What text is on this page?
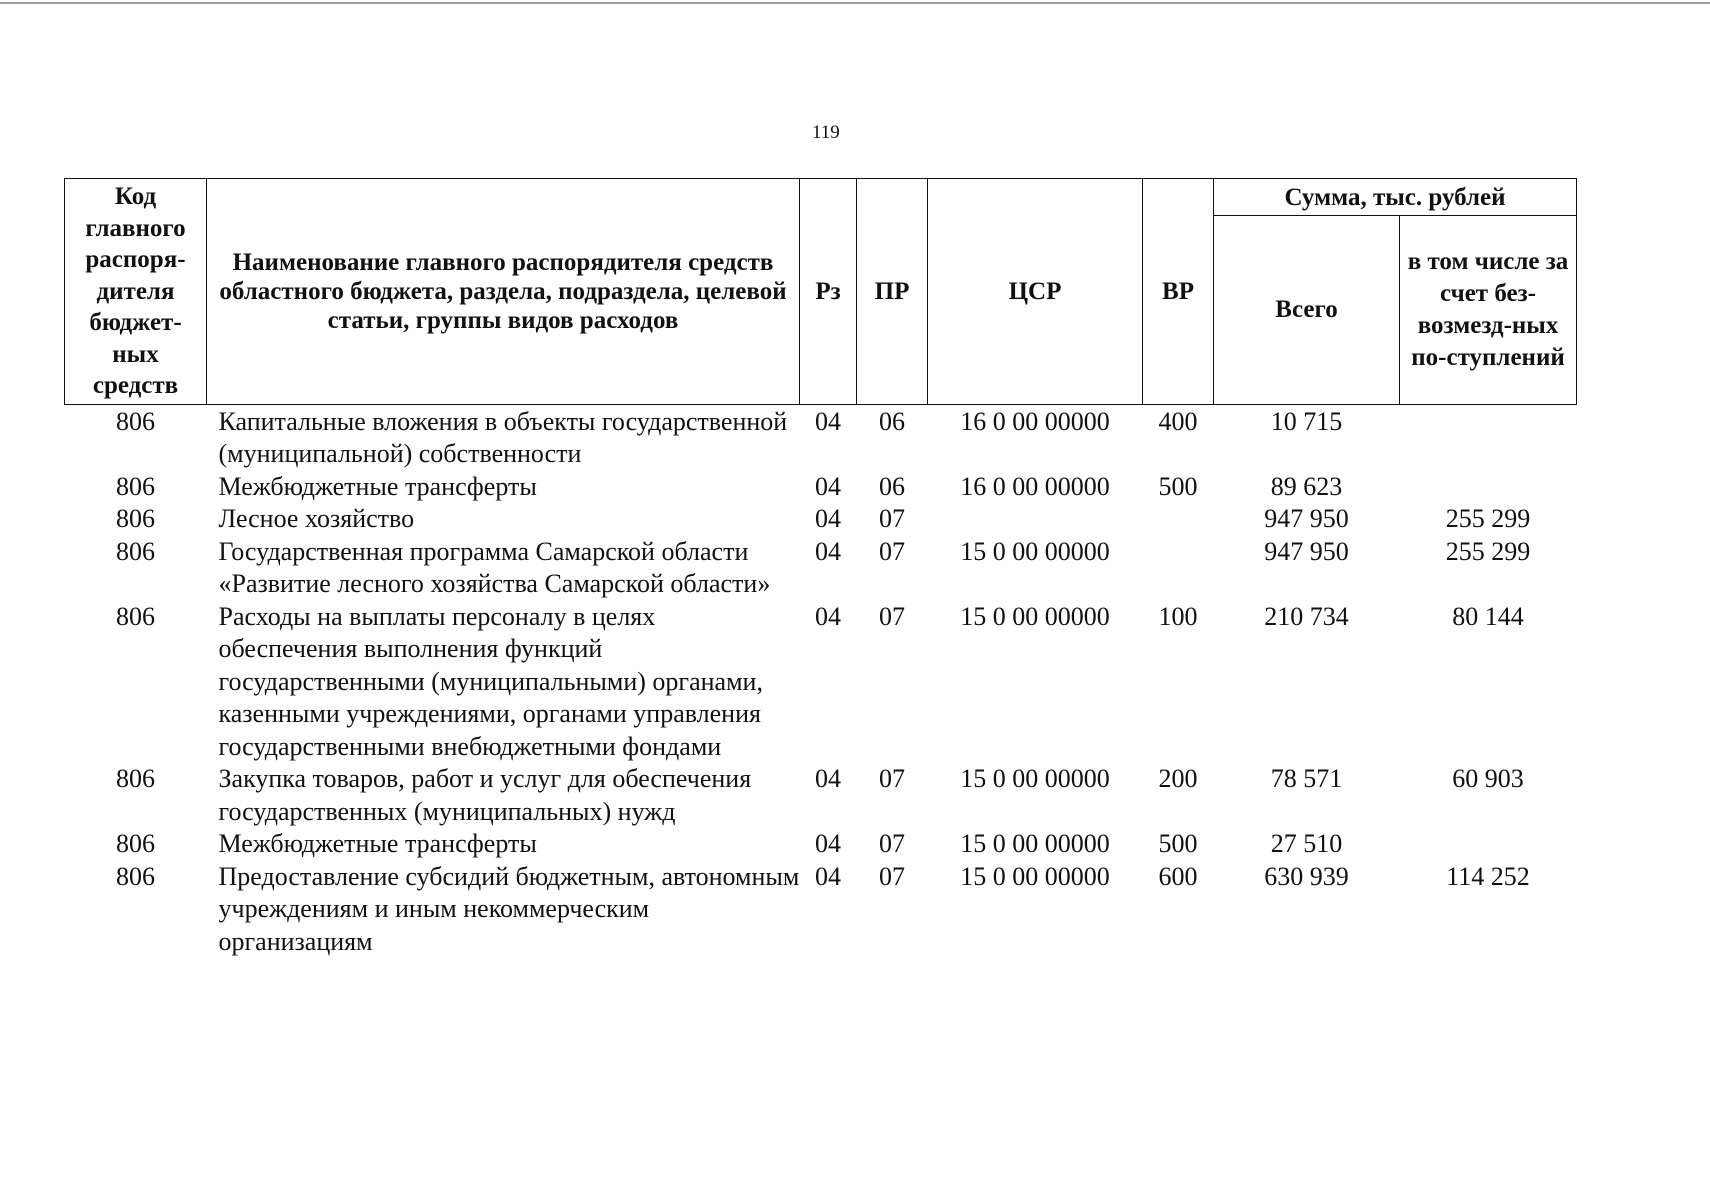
119
Код главного распоря-дителя бюджет-ных средств	Наименование главного распорядителя средств областного бюджета, раздела, подраздела, целевой статьи, группы видов расходов	Рз	ПР	ЦСР	ВР	Сумма, тыс. рублей	
						Всего	в том числе за счет без-возмезд-ных по-ступлений
806	Капитальные вложения в объекты государственной (муниципальной) собственности	04	06	16 0 00 00000	400	10 715	
806	Межбюджетные трансферты	04	06	16 0 00 00000	500	89 623	
806	Лесное хозяйство	04	07			947 950	255 299
806	Государственная программа Самарской области «Развитие лесного хозяйства Самарской области»	04	07	15 0 00 00000		947 950	255 299
806	Расходы на выплаты персоналу в целях обеспечения выполнения функций государственными (муниципальными) органами, казенными учреждениями, органами управления государственными внебюджетными фондами	04	07	15 0 00 00000	100	210 734	80 144
806	Закупка товаров, работ и услуг для обеспечения государственных (муниципальных) нужд	04	07	15 0 00 00000	200	78 571	60 903
806	Межбюджетные трансферты	04	07	15 0 00 00000	500	27 510	
806	Предоставление субсидий бюджетным, автономным учреждениям и иным некоммерческим организациям	04	07	15 0 00 00000	600	630 939	114 252
